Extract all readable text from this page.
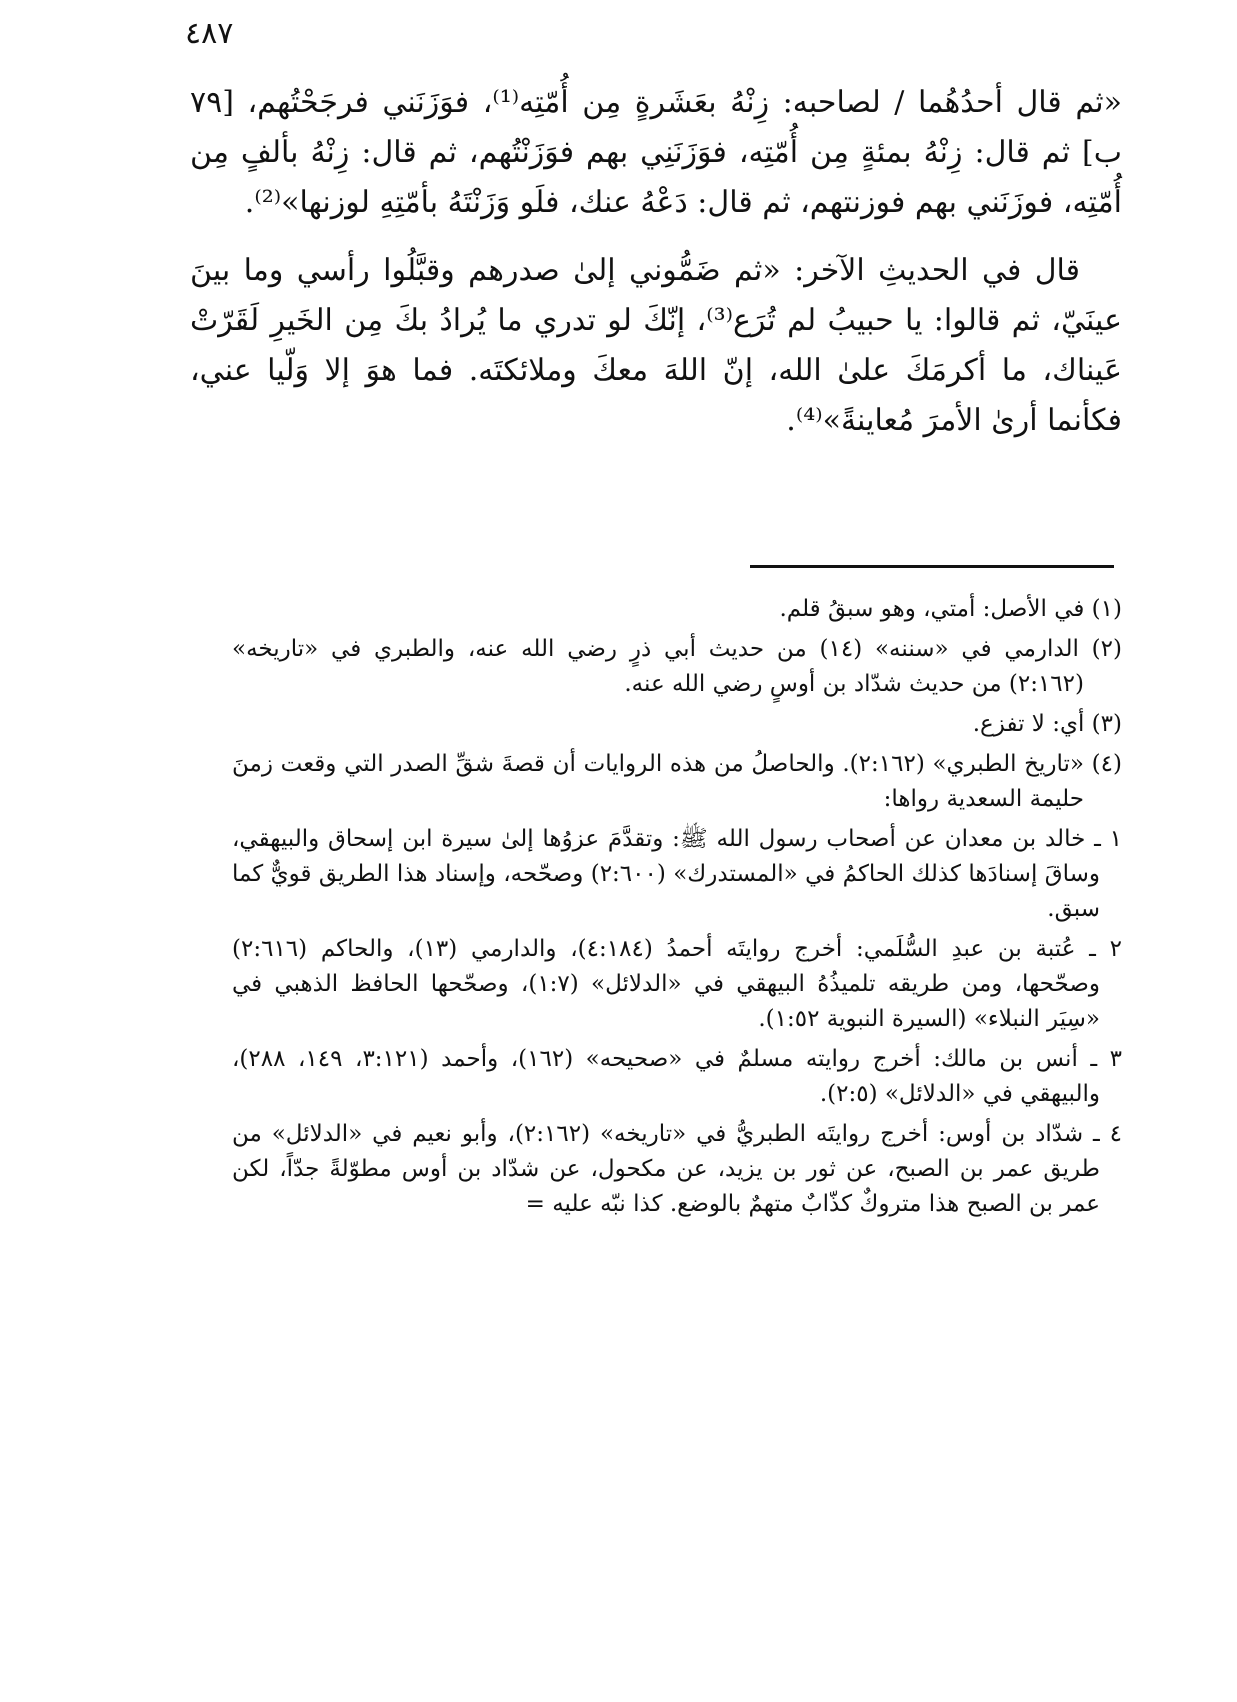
٤٨٧

«ثم قال أحدُهُما / لصاحبه: زِنْهُ بعَشَرةٍ مِن أُمّتِه⁽¹⁾، فوَزَنَني فرجَحْتُهم، [٧٩ ب] ثم قال: زِنْهُ بمئةٍ مِن أُمّتِه، فوَزَنَنِي بهم فوَزَنْتُهم، ثم قال: زِنْهُ بألفٍ مِن أُمّتِه، فوزَنَني بهم فوزنتهم، ثم قال: دَعْهُ عنك، فلَو وَزَنْتَهُ بأمّتِهِ لوزنها»⁽²⁾.

قال في الحديثِ الآخر: «ثم ضَمُّوني إلىٰ صدرهم وقبَّلُوا رأسي وما بينَ عينَيّ، ثم قالوا: يا حبيبُ لم تُرَع⁽³⁾، إنّكَ لو تدري ما يُرادُ بكَ مِن الخَيرِ لَقَرّتْ عَيناك، ما أكرمَكَ علىٰ الله، إنّ اللهَ معكَ وملائكتَه. فما هوَ إلا وَلّيا عني، فكأنما أرىٰ الأمرَ مُعاينةً»⁽⁴⁾.

(١) في الأصل: أمتي، وهو سبقُ قلم.

(٢) الدارمي في «سننه» (١٤) من حديث أبي ذرٍ رضي الله عنه، والطبري في «تاريخه» (٢:١٦٢) من حديث شدّاد بن أوسٍ رضي الله عنه.

(٣) أي: لا تفزع.

(٤) «تاريخ الطبري» (٢:١٦٢). والحاصلُ من هذه الروايات أن قصةَ شقِّ الصدر التي وقعت زمنَ حليمة السعدية رواها:

١ ـ خالد بن معدان عن أصحاب رسول الله ﷺ: وتقدَّمَ عزوُها إلىٰ سيرة ابن إسحاق والبيهقي، وساقَ إسنادَها كذلك الحاكمُ في «المستدرك» (٢:٦٠٠) وصحّحه، وإسناد هذا الطريق قويٌّ كما سبق.

٢ ـ عُتبة بن عبدِ السُّلَمي: أخرج روايتَه أحمدُ (٤:١٨٤)، والدارمي (١٣)، والحاكم (٢:٦١٦) وصحّحها، ومن طريقه تلميذُهُ البيهقي في «الدلائل» (١:٧)، وصحّحها الحافظ الذهبي في «سِيَر النبلاء» (السيرة النبوية ١:٥٢).

٣ ـ أنس بن مالك: أخرج روايته مسلمٌ في «صحيحه» (١٦٢)، وأحمد (٣:١٢١، ١٤٩، ٢٨٨)، والبيهقي في «الدلائل» (٢:٥).

٤ ـ شدّاد بن أوس: أخرج روايتَه الطبريُّ في «تاريخه» (٢:١٦٢)، وأبو نعيم في «الدلائل» من طريق عمر بن الصبح، عن ثور بن يزيد، عن مكحول، عن شدّاد بن أوس مطوّلةً جدّاً، لكن عمر بن الصبح هذا متروكٌ كذّابٌ متهمٌ بالوضع. كذا نبّه عليه =
